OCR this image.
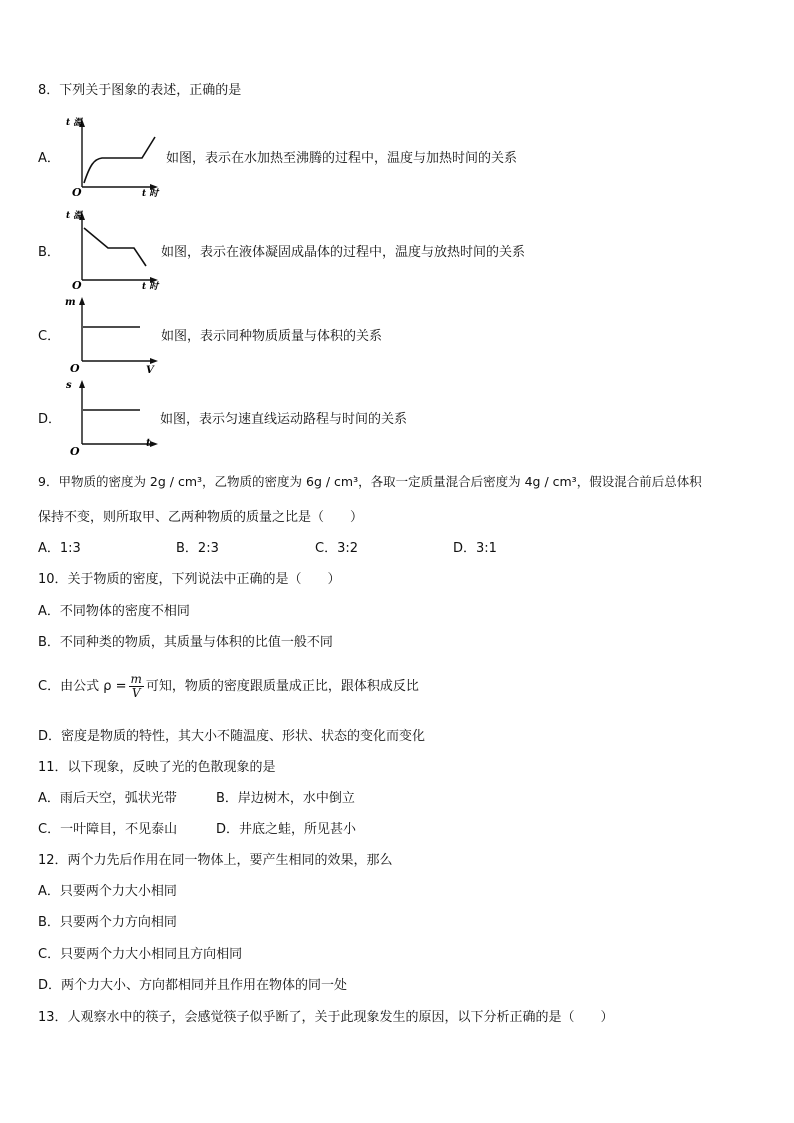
8．下列关于图象的表述，正确的是
A．
t 温
t 时
O
如图，表示在水加热至沸腾的过程中，温度与加热时间的关系
B．
t 温
t 时
O
如图，表示在液体凝固成晶体的过程中，温度与放热时间的关系
C．
m
V
O
如图，表示同种物质质量与体积的关系
D．
s
t
O
如图，表示匀速直线运动路程与时间的关系
9．甲物质的密度为 2g / cm³，乙物质的密度为 6g / cm³，各取一定质量混合后密度为 4g / cm³，假设混合前后总体积
保持不变，则所取甲、乙两种物质的质量之比是（　　）
A．1:3	B．2:3	C．3:2	D．3:1
10．关于物质的密度，下列说法中正确的是（　　）
A．不同物体的密度不相同
B．不同种类的物质，其质量与体积的比值一般不同
C．由公式 $\rho = \frac{m}{V}$ 可知，物质的密度跟质量成正比，跟体积成反比
D．密度是物质的特性，其大小不随温度、形状、状态的变化而变化
11．以下现象，反映了光的色散现象的是
A．雨后天空，弧状光带	B．岸边树木，水中倒立
C．一叶障目，不见泰山	D．井底之蛙，所见甚小
12．两个力先后作用在同一物体上，要产生相同的效果，那么
A．只要两个力大小相同
B．只要两个力方向相同
C．只要两个力大小相同且方向相同
D．两个力大小、方向都相同并且作用在物体的同一处
13．人观察水中的筷子，会感觉筷子似乎断了，关于此现象发生的原因，以下分析正确的是（　　）
